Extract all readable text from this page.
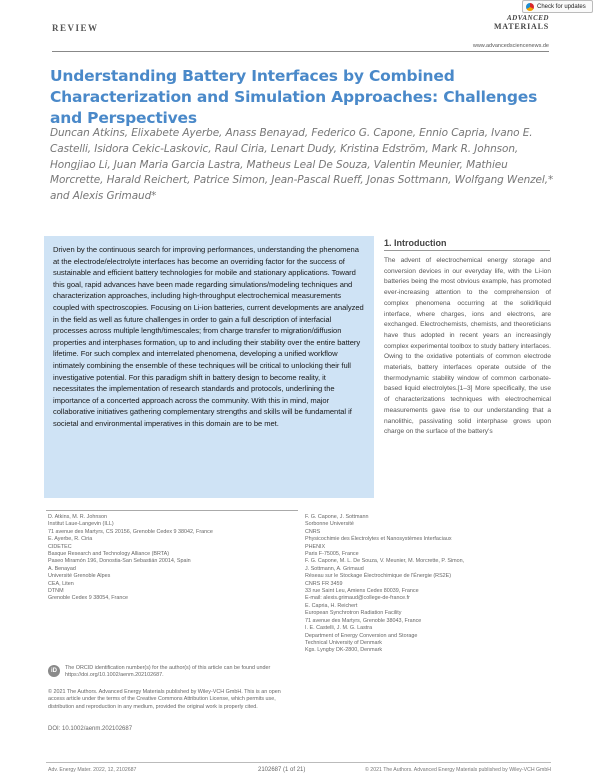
Check for updates
REVIEW
ADVANCED
MATERIALS
www.advancedsciencenews.de
Understanding Battery Interfaces by Combined Characterization and Simulation Approaches: Challenges and Perspectives
Duncan Atkins, Elixabete Ayerbe, Anass Benayad, Federico G. Capone, Ennio Capria, Ivano E. Castelli, Isidora Cekic-Laskovic, Raul Ciria, Lenart Dudy, Kristina Edström, Mark R. Johnson, Hongjiao Li, Juan Maria Garcia Lastra, Matheus Leal De Souza, Valentin Meunier, Mathieu Morcrette, Harald Reichert, Patrice Simon, Jean-Pascal Rueff, Jonas Sottmann, Wolfgang Wenzel,* and Alexis Grimaud*

Driven by the continuous search for improving performances, understanding the phenomena at the electrode/electrolyte interfaces has become an overriding factor for the success of sustainable and efficient battery technologies for mobile and stationary applications. Toward this goal, rapid advances have been made regarding simulations/modeling techniques and characterization approaches, including high-throughput electrochemical measurements coupled with spectroscopies. Focusing on Li-ion batteries, current developments are analyzed in the field as well as future challenges in order to gain a full description of interfacial processes across multiple length/timescales; from charge transfer to migration/diffusion properties and interphases formation, up to and including their stability over the entire battery lifetime. For such complex and interrelated phenomena, developing a unified workflow intimately combining the ensemble of these techniques will be critical to unlocking their full investigative potential. For this paradigm shift in battery design to become reality, it necessitates the implementation of research standards and protocols, underlining the importance of a concerted approach across the community. With this in mind, major collaborative initiatives gathering complementary strengths and skills will be fundamental if societal and environmental imperatives in this domain are to be met.

1. Introduction

The advent of electrochemical energy storage and conversion devices in our everyday life, with the Li-ion batteries being the most obvious example, has promoted ever-increasing attention to the comprehension of complex phenomena occurring at the solid/liquid interface, where charges, ions and electrons, are exchanged. Electrochemists, chemists, and theoreticians have thus adopted in recent years an increasingly complex experimental toolbox to study battery interfaces. Owing to the oxidative potentials of common electrode materials, battery interfaces operate outside of the thermodynamic stability window of common carbonate-based liquid electrolytes.[1–3] More specifically, the use of characterizations techniques with electrochemical measurements gave rise to our understanding that a nanolithic, passivating solid interphase grows upon charge on the surface of the battery's

D. Atkins, M. R. Johnson
Institut Laue-Langevin (ILL)
71 avenue des Martyrs, CS 20156, Grenoble Cedex 9 38042, France
E. Ayerbe, R. Ciria
CIDETEC
Basque Research and Technology Alliance (BRTA)
Paseo Miramón 196, Donostia-San Sebastián 20014, Spain
A. Benayad
Université Grenoble Alpes
CEA, Liten
DTNM
Grenoble Cedex 9 38054, France
F. G. Capone, J. Sottmann
Sorbonne Université
CNRS
Physicochimie des Électrolytes et Nanosystèmes Interfaciaux
PHENIX
Paris F-75005, France
F. G. Capone, M. L. De Souza, V. Meunier, M. Morcrette, P. Simon,
J. Sottmann, A. Grimaud
Réseau sur le Stockage Électrochimique de l'Énergie (RS2E)
CNRS FR 3459
33 rue Saint Leu, Amiens Cedex 80039, France
E-mail: alexis.grimaud@college-de-france.fr
E. Capria, H. Reichert
European Synchrotron Radiation Facility
71 avenue des Martyrs, Grenoble 38043, France
I. E. Castelli, J. M. G. Lastra
Department of Energy Conversion and Storage
Technical University of Denmark
Kgs. Lyngby DK-2800, Denmark
iD	The ORCID identification number(s) for the author(s) of this article can be found under https://doi.org/10.1002/aenm.202102687.

© 2021 The Authors. Advanced Energy Materials published by Wiley-VCH GmbH. This is an open access article under the terms of the Creative Commons Attribution License, which permits use, distribution and reproduction in any medium, provided the original work is properly cited.

DOI: 10.1002/aenm.202102687
Adv. Energy Mater. 2022, 12, 2102687	2102687 (1 of 21)	© 2021 The Authors. Advanced Energy Materials published by Wiley-VCH GmbH
